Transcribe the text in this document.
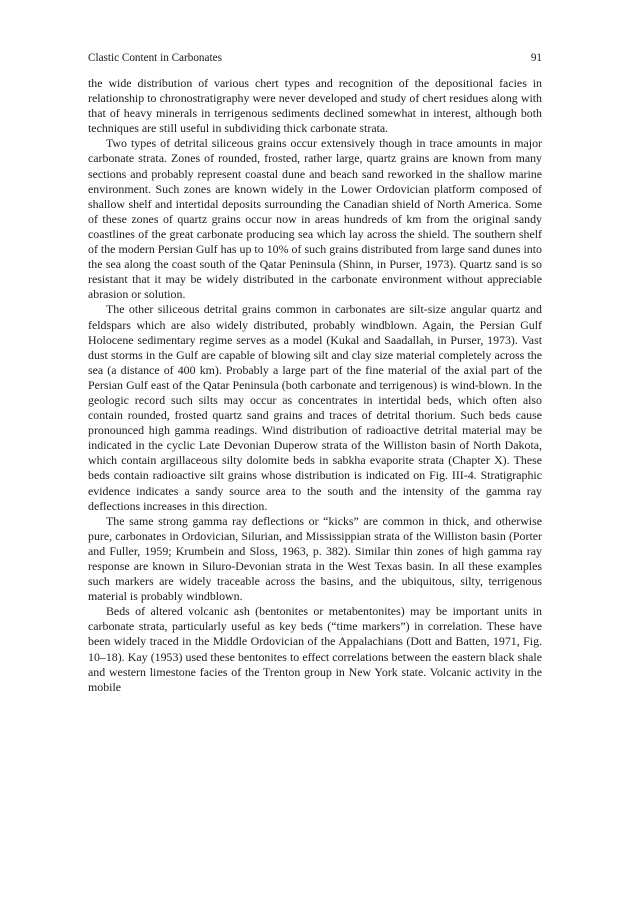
Clastic Content in Carbonates	91

the wide distribution of various chert types and recognition of the depositional facies in relationship to chronostratigraphy were never developed and study of chert residues along with that of heavy minerals in terrigenous sediments declined somewhat in interest, although both techniques are still useful in subdividing thick carbonate strata.

Two types of detrital siliceous grains occur extensively though in trace amounts in major carbonate strata. Zones of rounded, frosted, rather large, quartz grains are known from many sections and probably represent coastal dune and beach sand reworked in the shallow marine environment. Such zones are known widely in the Lower Ordovician platform composed of shallow shelf and intertidal deposits surrounding the Canadian shield of North America. Some of these zones of quartz grains occur now in areas hundreds of km from the original sandy coastlines of the great carbonate producing sea which lay across the shield. The southern shelf of the modern Persian Gulf has up to 10% of such grains distributed from large sand dunes into the sea along the coast south of the Qatar Peninsula (Shinn, in Purser, 1973). Quartz sand is so resistant that it may be widely distributed in the carbonate environment without appreciable abrasion or solution.

The other siliceous detrital grains common in carbonates are silt-size angular quartz and feldspars which are also widely distributed, probably windblown. Again, the Persian Gulf Holocene sedimentary regime serves as a model (Kukal and Saadallah, in Purser, 1973). Vast dust storms in the Gulf are capable of blowing silt and clay size material completely across the sea (a distance of 400 km). Probably a large part of the fine material of the axial part of the Persian Gulf east of the Qatar Peninsula (both carbonate and terrigenous) is wind-blown. In the geologic record such silts may occur as concentrates in intertidal beds, which often also contain rounded, frosted quartz sand grains and traces of detrital thorium. Such beds cause pronounced high gamma readings. Wind distribution of radioactive detrital material may be indicated in the cyclic Late Devonian Duperow strata of the Williston basin of North Dakota, which contain argillaceous silty dolomite beds in sabkha evaporite strata (Chapter X). These beds contain radioactive silt grains whose distribution is indicated on Fig. III-4. Stratigraphic evidence indicates a sandy source area to the south and the intensity of the gamma ray deflections increases in this direction.

The same strong gamma ray deflections or “kicks” are common in thick, and otherwise pure, carbonates in Ordovician, Silurian, and Mississippian strata of the Williston basin (Porter and Fuller, 1959; Krumbein and Sloss, 1963, p. 382). Similar thin zones of high gamma ray response are known in Siluro-Devonian strata in the West Texas basin. In all these examples such markers are widely traceable across the basins, and the ubiquitous, silty, terrigenous material is probably windblown.

Beds of altered volcanic ash (bentonites or metabentonites) may be important units in carbonate strata, particularly useful as key beds (“time markers”) in correlation. These have been widely traced in the Middle Ordovician of the Appalachians (Dott and Batten, 1971, Fig. 10–18). Kay (1953) used these bentonites to effect correlations between the eastern black shale and western limestone facies of the Trenton group in New York state. Volcanic activity in the mobile
